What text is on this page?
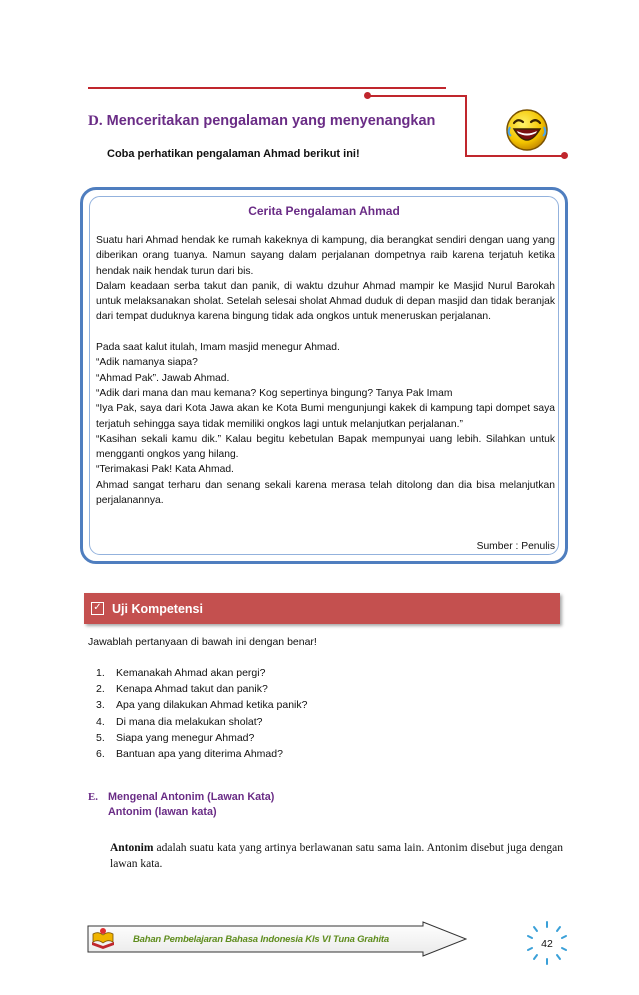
D. Menceritakan pengalaman yang menyenangkan
Coba perhatikan pengalaman Ahmad berikut ini!
Cerita Pengalaman Ahmad

Suatu hari Ahmad hendak ke rumah kakeknya di kampung, dia berangkat sendiri dengan uang yang diberikan orang tuanya. Namun sayang dalam perjalanan dompetnya raib karena terjatuh ketika hendak naik hendak turun dari bis.

Dalam keadaan serba takut dan panik, di waktu dzuhur Ahmad mampir ke Masjid Nurul Barokah untuk melaksanakan sholat. Setelah selesai sholat Ahmad duduk di depan masjid dan tidak beranjak dari tempat duduknya karena bingung tidak ada ongkos untuk meneruskan perjalanan.

Pada saat kalut itulah, Imam masjid menegur Ahmad.

“Adik namanya siapa?

“Ahmad Pak”. Jawab Ahmad.

“Adik dari mana dan mau kemana? Kog sepertinya bingung? Tanya Pak Imam

“Iya Pak, saya dari Kota Jawa akan ke Kota Bumi mengunjungi kakek di kampung tapi dompet saya terjatuh sehingga saya tidak memiliki ongkos lagi untuk melanjutkan perjalanan.”

“Kasihan sekali kamu dik.” Kalau begitu kebetulan Bapak mempunyai uang lebih. Silahkan untuk mengganti ongkos yang hilang.

“Terimakasi Pak! Kata Ahmad.

Ahmad sangat terharu dan senang sekali karena merasa telah ditolong dan dia bisa melanjutkan perjalanannya.

Sumber : Penulis
✓ Uji Kompetensi
Jawablah pertanyaan di bawah ini dengan benar!
1. Kemanakah Ahmad akan pergi?
2. Kenapa Ahmad takut dan panik?
3. Apa yang dilakukan Ahmad ketika panik?
4. Di mana dia melakukan sholat?
5. Siapa yang menegur Ahmad?
6. Bantuan apa yang diterima Ahmad?
E. Mengenal Antonim (Lawan Kata)
Antonim (lawan kata)
Antonim adalah suatu kata yang artinya berlawanan satu sama lain. Antonim disebut juga dengan lawan kata.
Bahan Pembelajaran Bahasa Indonesia Kls VI Tuna Grahita	42
